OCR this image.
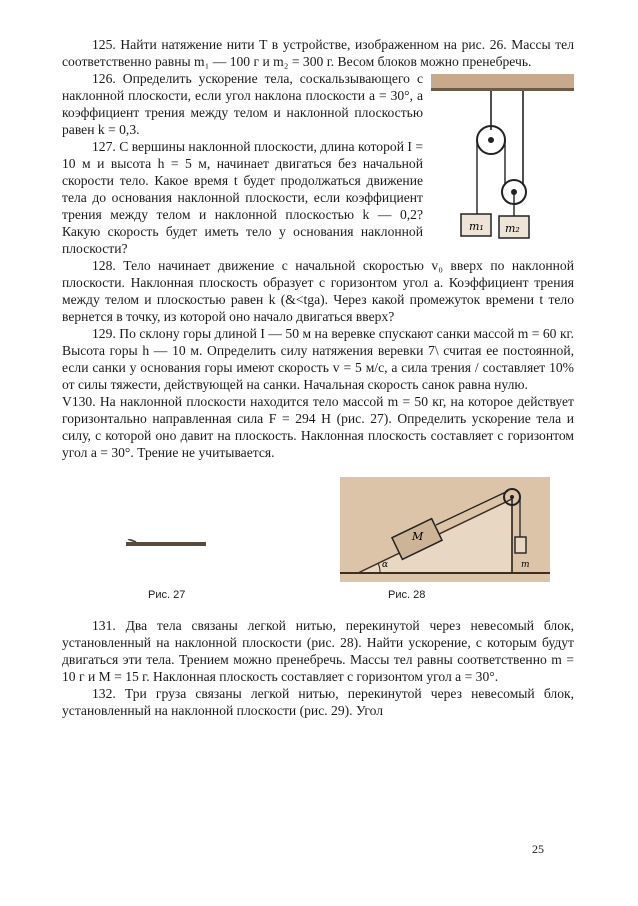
125. Найти натяжение нити T в устройстве, изображенном на рис. 26. Массы тел соответственно равны m₁ — 100 г и m₂ = 300 г. Весом блоков можно пренебречь.

m₁ m₂

126. Определить ускорение тела, соскальзывающего с наклонной плоскости, если угол наклона плоскости a = 30°, а коэффициент трения между телом и наклонной плоскостью равен k = 0,3.

127. С вершины наклонной плоскости, длина которой I = 10 м и высота h = 5 м, начинает двигаться без начальной скорости тело. Какое время t будет продолжаться движение тела до основания наклонной плоскости, если коэффициент трения между телом и наклонной плоскостью k — 0,2? Какую скорость будет иметь тело у основания наклонной плоскости?

128. Тело начинает движение с начальной скоростью v₀ вверх по наклонной плоскости. Наклонная плоскость образует с горизонтом угол a. Коэффициент трения между телом и плоскостью равен k (&<tga). Через какой промежуток времени t тело вернется в точку, из которой оно начало двигаться вверх?

129. По склону горы длиной I — 50 м на веревке спускают санки массой m = 60 кг. Высота горы h — 10 м. Определить силу натяжения веревки 7\ считая ее постоянной, если санки у основания горы имеют скорость v = 5 м/с, а сила трения / составляет 10% от силы тяжести, действующей на санки. Начальная скорость санок равна нулю.

V130. На наклонной плоскости находится тело массой m = 50 кг, на которое действует горизонтально направленная сила F = 294 Н (рис. 27). Определить ускорение тела и силу, с которой оно давит на плоскость. Наклонная плоскость составляет с горизонтом угол a = 30°. Трение не учитывается.

M
m
α
Рис. 27	Рис. 28

131. Два тела связаны легкой нитью, перекинутой через невесомый блок, установленный на наклонной плоскости (рис. 28). Найти ускорение, с которым будут двигаться эти тела. Трением можно пренебречь. Массы тел равны соответственно m = 10 г и M = 15 г. Наклонная плоскость составляет с горизонтом угол a = 30°.

132. Три груза связаны легкой нитью, перекинутой через невесомый блок, установленный на наклонной плоскости (рис. 29). Угол

25
